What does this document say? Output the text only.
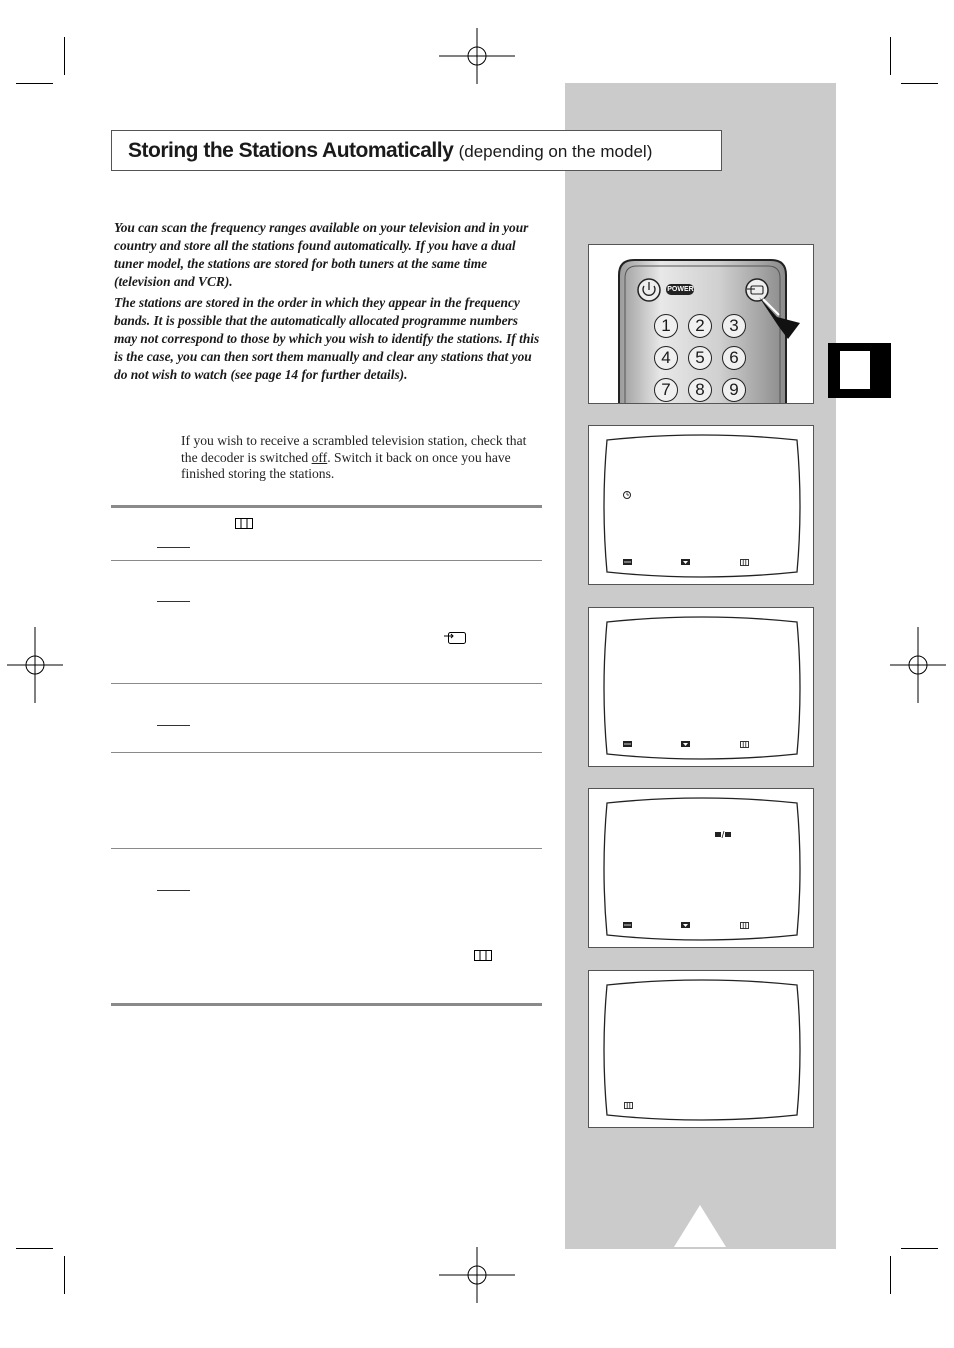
Storing the Stations Automatically (depending on the model)
You can scan the frequency ranges available on your television and in your country and store all the stations found automatically. If you have a dual tuner model, the stations are stored for both tuners at the same time (television and VCR).
The stations are stored in the order in which they appear in the frequency bands. It is possible that the automatically allocated programme numbers may not correspond to those by which you wish to identify the stations. If this is the case, you can then sort them manually and clear any stations that you do not wish to watch (see page 14 for further details).
If you wish to receive a scrambled television station, check that the decoder is switched off. Switch it back on once you have finished storing the stations.
POWER
1	2	3
4	5	6
7	8	9
